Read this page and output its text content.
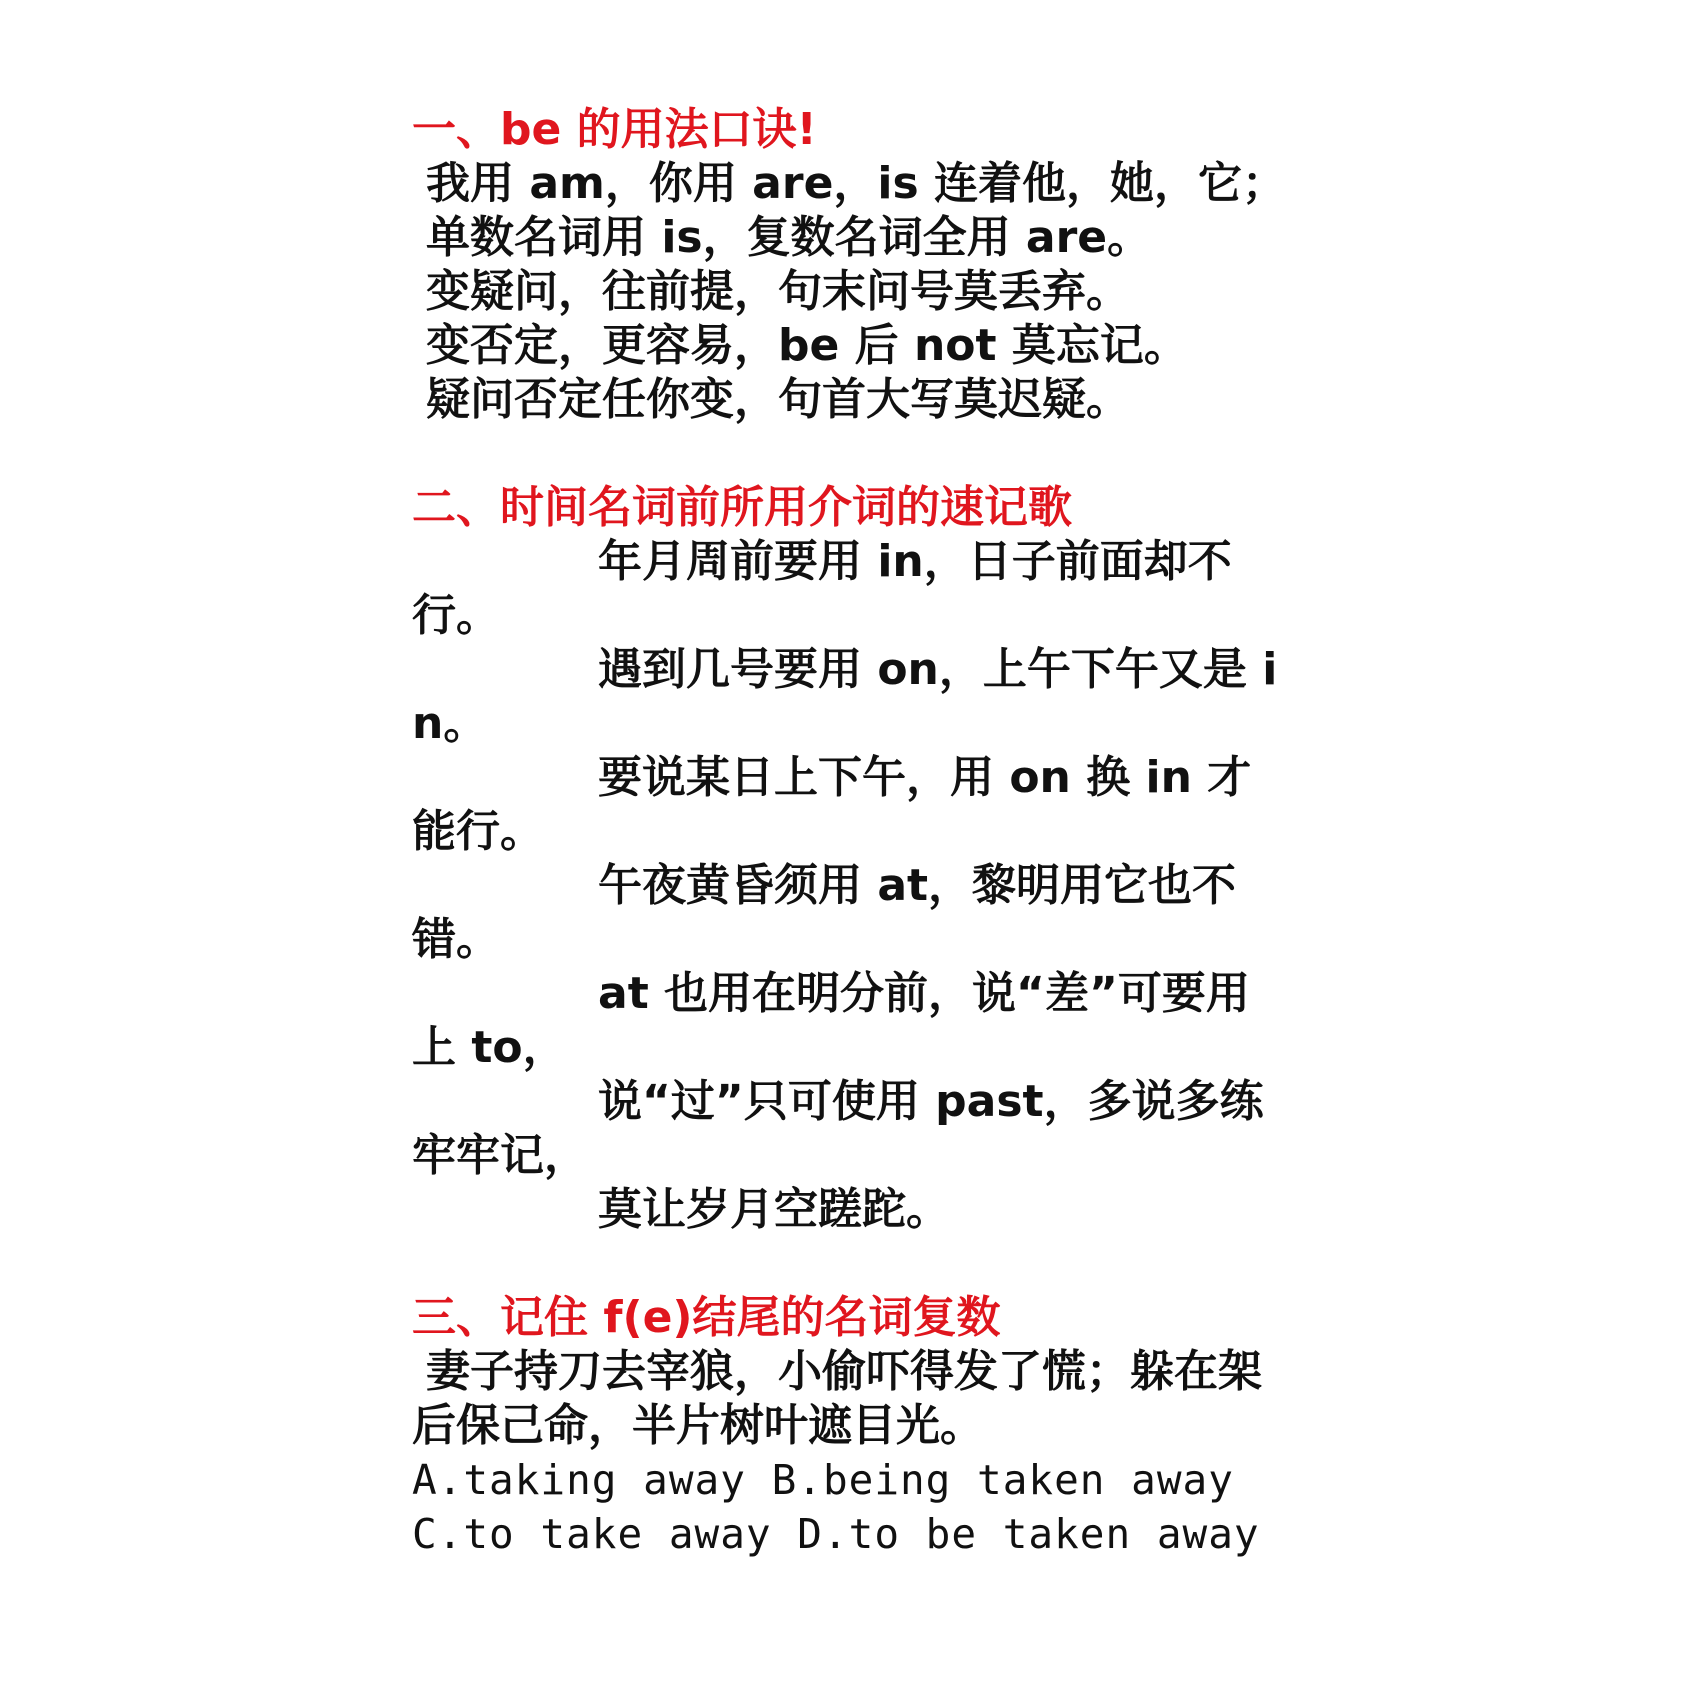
一、be 的用法口诀!

我用 am，你用 are，is 连着他，她，它；

单数名词用 is，复数名词全用 are。

变疑问，往前提，句末问号莫丢弃。

变否定，更容易，be 后 not 莫忘记。

疑问否定任你变，句首大写莫迟疑。

二、时间名词前所用介词的速记歌

年月周前要用 in，日子前面却不行。

遇到几号要用 on，上午下午又是 in。

要说某日上下午，用 on 换 in 才能行。

午夜黄昏须用 at，黎明用它也不错。

at 也用在明分前，说“差”可要用上 to，

说“过”只可使用 past，多说多练牢牢记，

莫让岁月空蹉跎。

三、记住 f(e)结尾的名词复数

妻子持刀去宰狼，小偷吓得发了慌；躲在架后保己命，半片树叶遮目光。

A.taking away B.being taken away

C.to take away D.to be taken away
